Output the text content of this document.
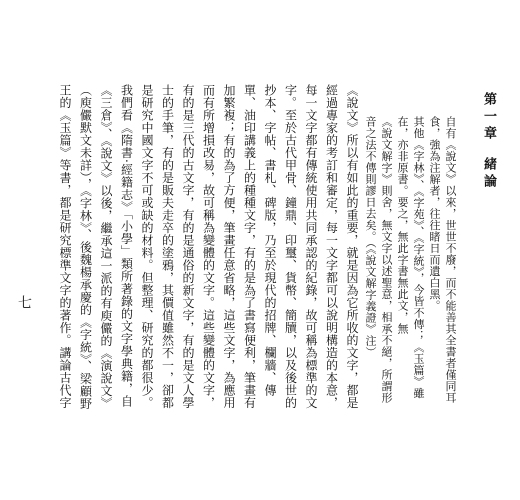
第一章緒論
自有《說文》以來，世世不廢，而不能善其全書者僅同耳食，強為注解者，往往睹日而遺白黑。
其他《字林》、《字苑》、《字統》，今皆不傳；《玉篇》雖在，亦非原書。要之，無此字書無此文，無
《說文解字》則舍，無文字以述聖意，相承不絕，所謂形音之法不傳則謬日去矣。（《說文解字義證》注）

《說文》所以有如此的重要，就是因為它所收的文字，都是經過專家的考訂和審定，每一文字都可以說明構造的本意，每一文字都有傳統使用共同承認的紀錄，故可稱為標準的文字。至於古代甲骨、鐘鼎、印璽、貨幣、簡牘，以及後世的抄本、字帖、書札、碑版，乃至於現代的招牌、欄牆、傳單、油印講義上的種種文字，有的是為了書寫便利，筆畫有加繁複；有的為了方便，筆畫任意省略，這些文字，為應用而有所增損改易，故可稱為變體的文字。這些變體的文字，有的是三代的古文字，有的是通俗的新文字，有的是文人學士的手筆，有的是販夫走卒的塗鴉，其價值雖然不一，卻都是研究中國文字不可或缺的材料。但整理、研究的都很少。我們看《隋書·經籍志》「小學」類所著錄的文字學典籍，自《三倉》、《說文》以後，繼承這一派的有庾儼的《演說文》（庾儼默文未詳），《字林》、後魏楊承慶的《字統》、梁顧野王的《玉篇》等書，都是研究標準文字的著作。講論古代字

七
